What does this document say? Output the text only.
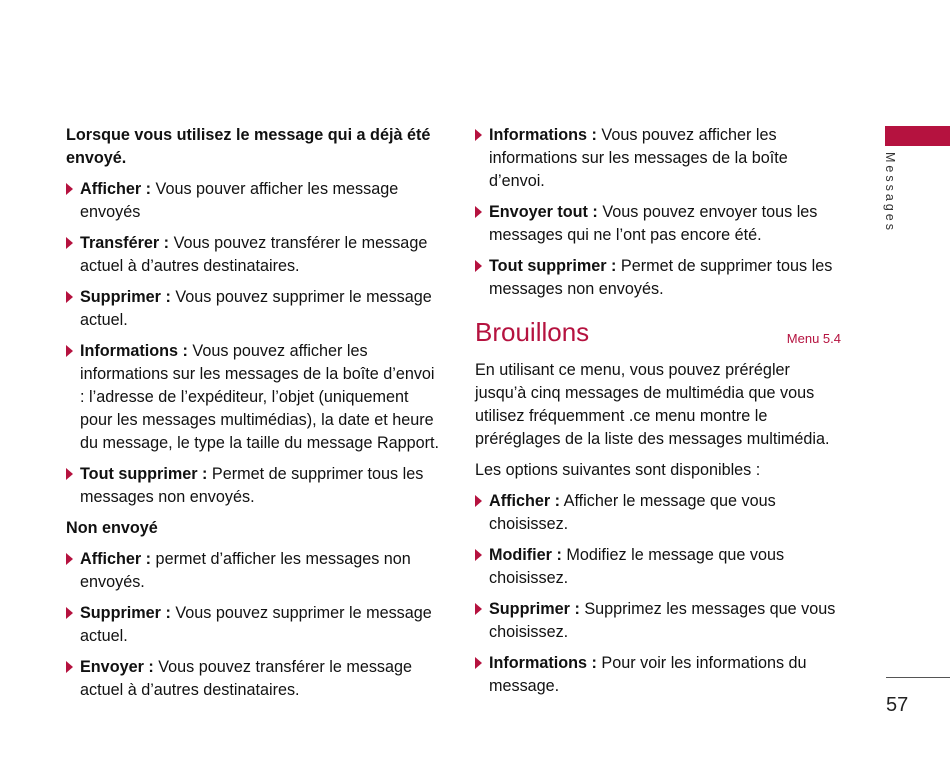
Messages
Lorsque vous utilisez le message qui a déjà été envoyé.
Afficher : Vous pouver afficher les message envoyés
Transférer : Vous pouvez transférer le message actuel à d’autres destinataires.
Supprimer : Vous pouvez supprimer le message actuel.
Informations : Vous pouvez afficher les informations sur les messages de la boîte d’envoi : l’adresse de l’expéditeur, l’objet (uniquement pour les messages multimédias), la date et heure du message, le type la taille du message Rapport.
Tout supprimer : Permet de supprimer tous les messages non envoyés.
Non envoyé
Afficher : permet d’afficher les messages non envoyés.
Supprimer : Vous pouvez supprimer le message actuel.
Envoyer : Vous pouvez transférer le message actuel à d’autres destinataires.
Informations : Vous pouvez afficher les informations sur les messages de la boîte d’envoi.
Envoyer tout : Vous pouvez envoyer tous les messages qui ne l’ont pas encore été.
Tout supprimer : Permet de supprimer tous les messages non envoyés.
Brouillons	Menu 5.4
En utilisant ce menu, vous pouvez prérégler jusqu’à cinq messages de multimédia que vous utilisez fréquemment .ce menu montre le préréglages de la liste des messages multimédia.
Les options suivantes sont disponibles :
Afficher : Afficher le message que vous choisissez.
Modifier : Modifiez le message que vous choisissez.
Supprimer : Supprimez les messages que vous choisissez.
Informations : Pour voir les informations du message.
57
